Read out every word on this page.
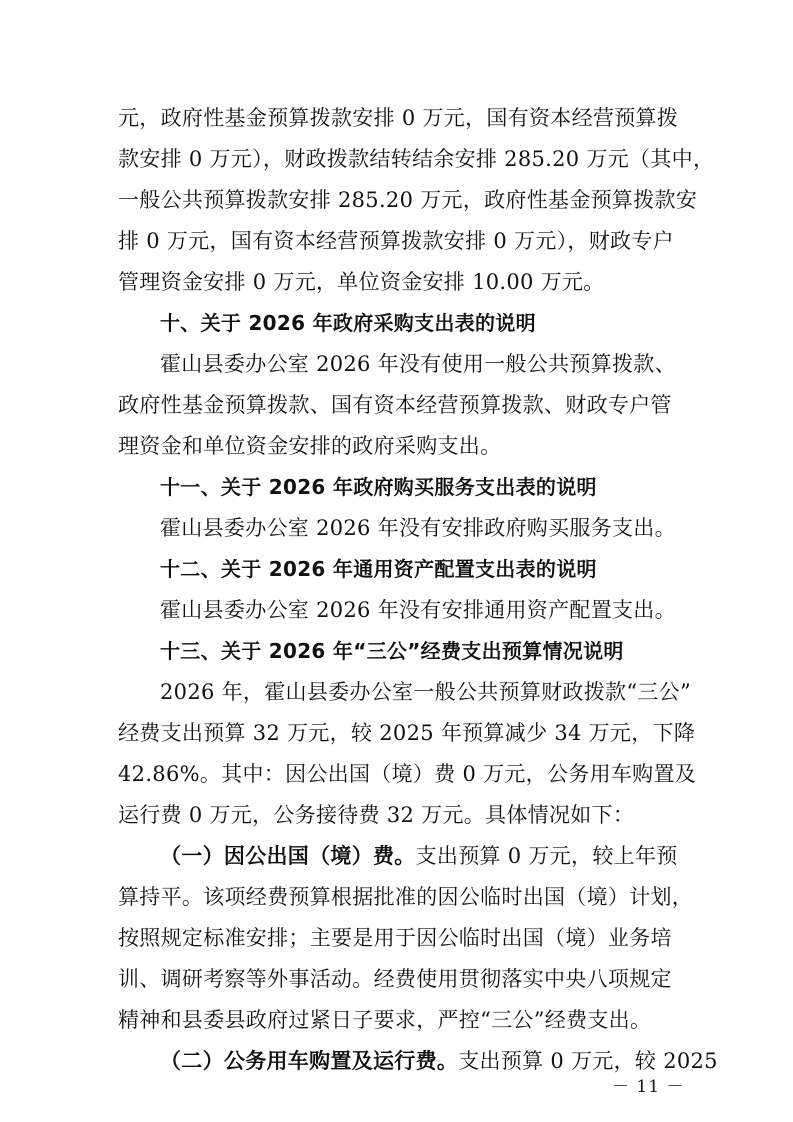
元，政府性基金预算拨款安排 0 万元，国有资本经营预算拨
款安排 0 万元），财政拨款结转结余安排 285.20 万元（其中，
一般公共预算拨款安排 285.20 万元，政府性基金预算拨款安
排 0 万元，国有资本经营预算拨款安排 0 万元），财政专户
管理资金安排 0 万元，单位资金安排 10.00 万元。
十、关于 2026 年政府采购支出表的说明
霍山县委办公室 2026 年没有使用一般公共预算拨款、
政府性基金预算拨款、国有资本经营预算拨款、财政专户管
理资金和单位资金安排的政府采购支出。
十一、关于 2026 年政府购买服务支出表的说明
霍山县委办公室 2026 年没有安排政府购买服务支出。
十二、关于 2026 年通用资产配置支出表的说明
霍山县委办公室 2026 年没有安排通用资产配置支出。
十三、关于 2026 年“三公”经费支出预算情况说明
2026 年，霍山县委办公室一般公共预算财政拨款“三公”
经费支出预算 32 万元，较 2025 年预算减少 34 万元，下降
42.86%。其中：因公出国（境）费 0 万元，公务用车购置及
运行费 0 万元，公务接待费 32 万元。具体情况如下：
（一）因公出国（境）费。支出预算 0 万元，较上年预
算持平。该项经费预算根据批准的因公临时出国（境）计划，
按照规定标准安排；主要是用于因公临时出国（境）业务培
训、调研考察等外事活动。经费使用贯彻落实中央八项规定
精神和县委县政府过紧日子要求，严控“三公”经费支出。
（二）公务用车购置及运行费。支出预算 0 万元，较 2025
－ 11 －
